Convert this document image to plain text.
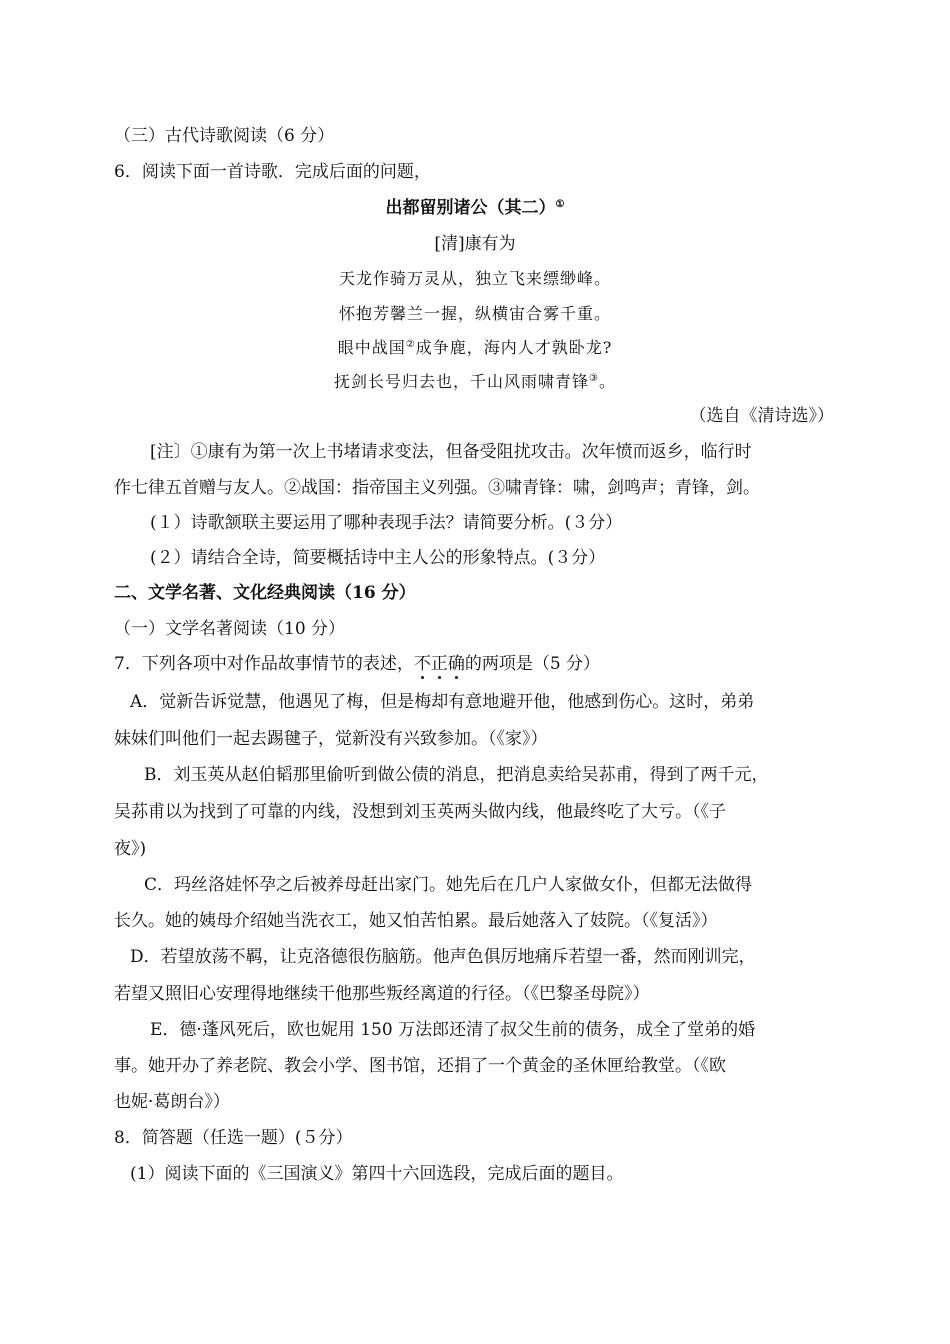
（三）古代诗歌阅读（6 分）
6．阅读下面一首诗歌．完成后面的问题，
出都留别诸公（其二）①
[清]康有为
天龙作骑万灵从，独立飞来缥缈峰。
怀抱芳馨兰一握，纵横宙合雾千重。
眼中战国②成争鹿，海内人才孰卧龙?
抚剑长号归去也，千山风雨啸青锋③。
（选自《清诗选》）
[注〕①康有为第一次上书堵请求变法，但备受阻扰攻击。次年愤而返乡，临行时
作七律五首赠与友人。②战国：指帝国主义列强。③啸青锋：啸，剑鸣声；青锋，剑。
(１）诗歌颔联主要运用了哪种表现手法？请简要分析。(３分）
(２）请结合全诗，简要概括诗中主人公的形象特点。(３分）
二、文学名著、文化经典阅读（16 分）
（一）文学名著阅读（10 分）
7．下列各项中对作品故事情节的表述，不正确的两项是（5 分）
A．觉新告诉觉慧，他遇见了梅，但是梅却有意地避开他，他感到伤心。这时，弟弟
妹妹们叫他们一起去踢毽子，觉新没有兴致参加。（《家》）
B．刘玉英从赵伯韬那里偷听到做公债的消息，把消息卖给吴荪甫，得到了两千元，
吴荪甫以为找到了可靠的内线，没想到刘玉英两头做内线，他最终吃了大亏。（《子
夜》)
C．玛丝洛娃怀孕之后被养母赶出家门。她先后在几户人家做女仆，但都无法做得
长久。她的姨母介绍她当洗衣工，她又怕苦怕累。最后她落入了妓院。（《复活》）
D．若望放荡不羁，让克洛德很伤脑筋。他声色俱厉地痛斥若望一番，然而刚训完，
若望又照旧心安理得地继续干他那些叛经离道的行径。（《巴黎圣母院》）
E．德·蓬风死后，欧也妮用 150 万法郎还清了叔父生前的债务，成全了堂弟的婚
事。她开办了养老院、教会小学、图书馆，还捐了一个黄金的圣休匣给教堂。（《欧
也妮·葛朗台》）
8．简答题（任选一题）(５分）
(1）阅读下面的《三国演义》第四十六回选段，完成后面的题目。
